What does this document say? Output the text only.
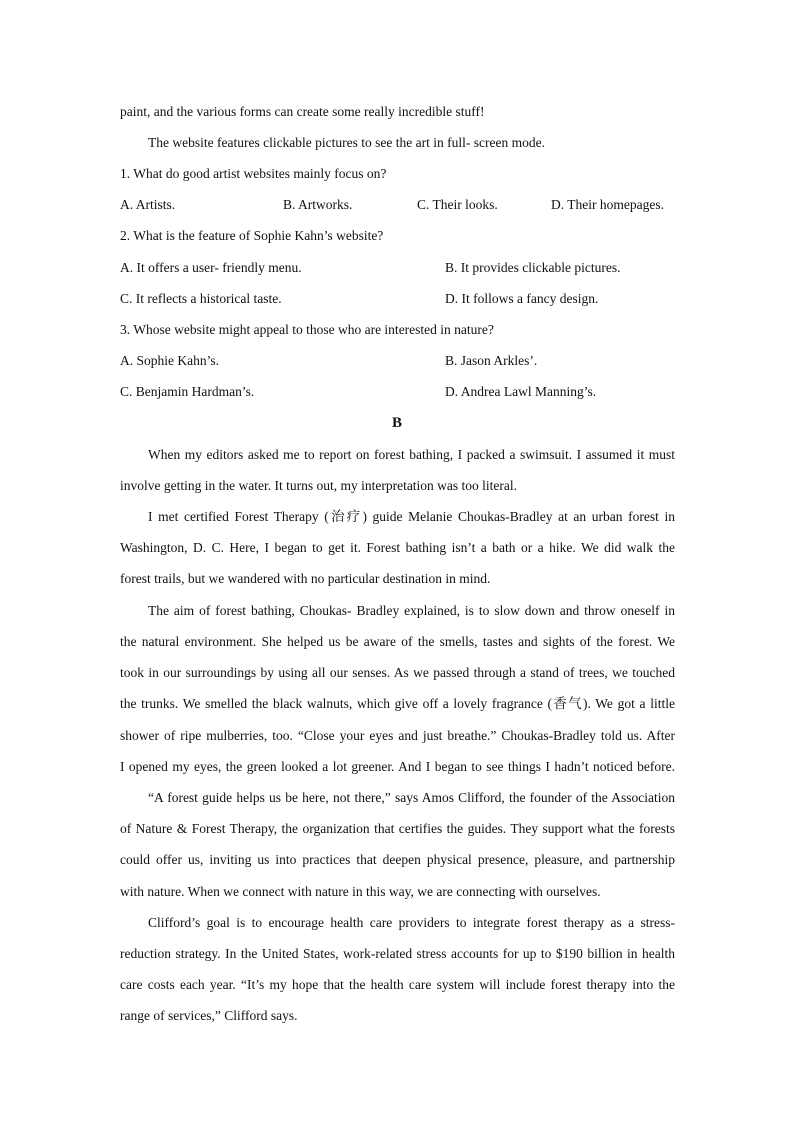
paint, and the various forms can create some really incredible stuff!
The website features clickable pictures to see the art in full- screen mode.
1. What do good artist websites mainly focus on?
A. Artists.	B. Artworks.	C. Their looks.	D. Their homepages.
2. What is the feature of Sophie Kahn’s website?
A. It offers a user- friendly menu.	B. It provides clickable pictures.
C. It reflects a historical taste.	D. It follows a fancy design.
3. Whose website might appeal to those who are interested in nature?
A. Sophie Kahn’s.	B. Jason Arkles’.
C. Benjamin Hardman’s.	D. Andrea Lawl Manning’s.
B
When my editors asked me to report on forest bathing, I packed a swimsuit. I assumed it must
involve getting in the water. It turns out, my interpretation was too literal.
I met certified Forest Therapy (治疗) guide Melanie Choukas-Bradley at an urban forest in
Washington, D. C. Here, I began to get it. Forest bathing isn’t a bath or a hike. We did walk the
forest trails, but we wandered with no particular destination in mind.
The aim of forest bathing, Choukas- Bradley explained, is to slow down and throw oneself in
the natural environment. She helped us be aware of the smells, tastes and sights of the forest. We
took in our surroundings by using all our senses. As we passed through a stand of trees, we touched
the trunks. We smelled the black walnuts, which give off a lovely fragrance (香气). We got a little
shower of ripe mulberries, too. “Close your eyes and just breathe.” Choukas-Bradley told us. After
I opened my eyes, the green looked a lot greener. And I began to see things I hadn’t noticed before.
“A forest guide helps us be here, not there,” says Amos Clifford, the founder of the Association
of Nature & Forest Therapy, the organization that certifies the guides. They support what the forests
could offer us, inviting us into practices that deepen physical presence, pleasure, and partnership
with nature. When we connect with nature in this way, we are connecting with ourselves.
Clifford’s goal is to encourage health care providers to integrate forest therapy as a stress-
reduction strategy. In the United States, work-related stress accounts for up to $190 billion in health
care costs each year. “It’s my hope that the health care system will include forest therapy into the
range of services,” Clifford says.
